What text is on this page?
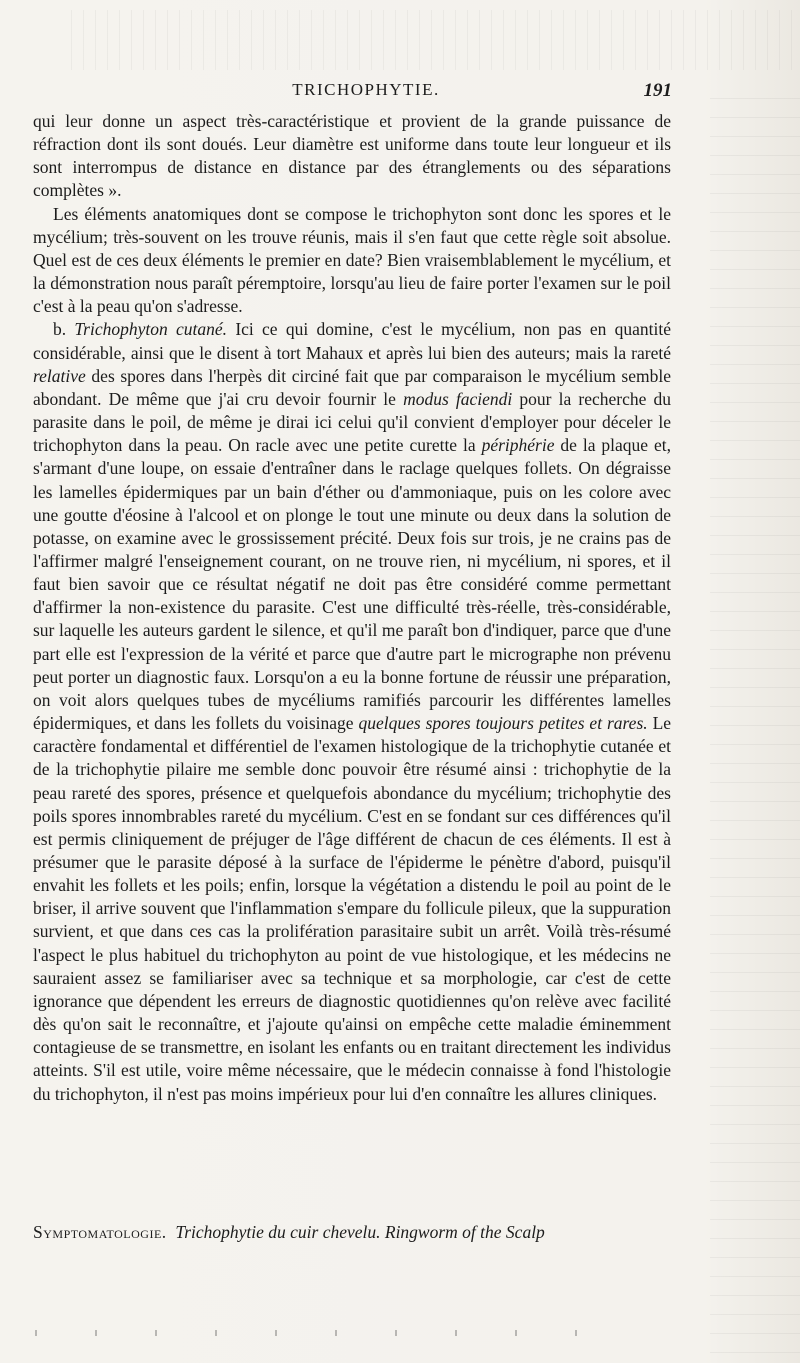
TRICHOPHYTIE.	191

qui leur donne un aspect très-caractéristique et provient de la grande puissance de réfraction dont ils sont doués. Leur diamètre est uniforme dans toute leur longueur et ils sont interrompus de distance en distance par des étranglements ou des séparations complètes ».

Les éléments anatomiques dont se compose le trichophyton sont donc les spores et le mycélium; très-souvent on les trouve réunis, mais il s'en faut que cette règle soit absolue. Quel est de ces deux éléments le premier en date? Bien vraisemblablement le mycélium, et la démonstration nous paraît péremptoire, lorsqu'au lieu de faire porter l'examen sur le poil c'est à la peau qu'on s'adresse.

b. Trichophyton cutané. Ici ce qui domine, c'est le mycélium, non pas en quantité considérable, ainsi que le disent à tort Mahaux et après lui bien des auteurs; mais la rareté relative des spores dans l'herpès dit circiné fait que par comparaison le mycélium semble abondant. De même que j'ai cru devoir fournir le modus faciendi pour la recherche du parasite dans le poil, de même je dirai ici celui qu'il convient d'employer pour déceler le trichophyton dans la peau. On racle avec une petite curette la périphérie de la plaque et, s'armant d'une loupe, on essaie d'entraîner dans le raclage quelques follets. On dégraisse les lamelles épidermiques par un bain d'éther ou d'ammoniaque, puis on les colore avec une goutte d'éosine à l'alcool et on plonge le tout une minute ou deux dans la solution de potasse, on examine avec le grossissement précité. Deux fois sur trois, je ne crains pas de l'affirmer malgré l'enseignement courant, on ne trouve rien, ni mycélium, ni spores, et il faut bien savoir que ce résultat négatif ne doit pas être considéré comme permettant d'affirmer la non-existence du parasite. C'est une difficulté très-réelle, très-considérable, sur laquelle les auteurs gardent le silence, et qu'il me paraît bon d'indiquer, parce que d'une part elle est l'expression de la vérité et parce que d'autre part le micrographe non prévenu peut porter un diagnostic faux. Lorsqu'on a eu la bonne fortune de réussir une préparation, on voit alors quelques tubes de mycéliums ramifiés parcourir les différentes lamelles épidermiques, et dans les follets du voisinage quelques spores toujours petites et rares. Le caractère fondamental et différentiel de l'examen histologique de la trichophytie cutanée et de la trichophytie pilaire me semble donc pouvoir être résumé ainsi : trichophytie de la peau rareté des spores, présence et quelquefois abondance du mycélium; trichophytie des poils spores innombrables rareté du mycélium. C'est en se fondant sur ces différences qu'il est permis cliniquement de préjuger de l'âge différent de chacun de ces éléments. Il est à présumer que le parasite déposé à la surface de l'épiderme le pénètre d'abord, puisqu'il envahit les follets et les poils; enfin, lorsque la végétation a distendu le poil au point de le briser, il arrive souvent que l'inflammation s'empare du follicule pileux, que la suppuration survient, et que dans ces cas la prolifération parasitaire subit un arrêt. Voilà très-résumé l'aspect le plus habituel du trichophyton au point de vue histologique, et les médecins ne sauraient assez se familiariser avec sa technique et sa morphologie, car c'est de cette ignorance que dépendent les erreurs de diagnostic quotidiennes qu'on relève avec facilité dès qu'on sait le reconnaître, et j'ajoute qu'ainsi on empêche cette maladie éminemment contagieuse de se transmettre, en isolant les enfants ou en traitant directement les individus atteints. S'il est utile, voire même nécessaire, que le médecin connaisse à fond l'histologie du trichophyton, il n'est pas moins impérieux pour lui d'en connaître les allures cliniques.

Symptomatologie. Trichophytie du cuir chevelu. Ringworm of the Scalp
